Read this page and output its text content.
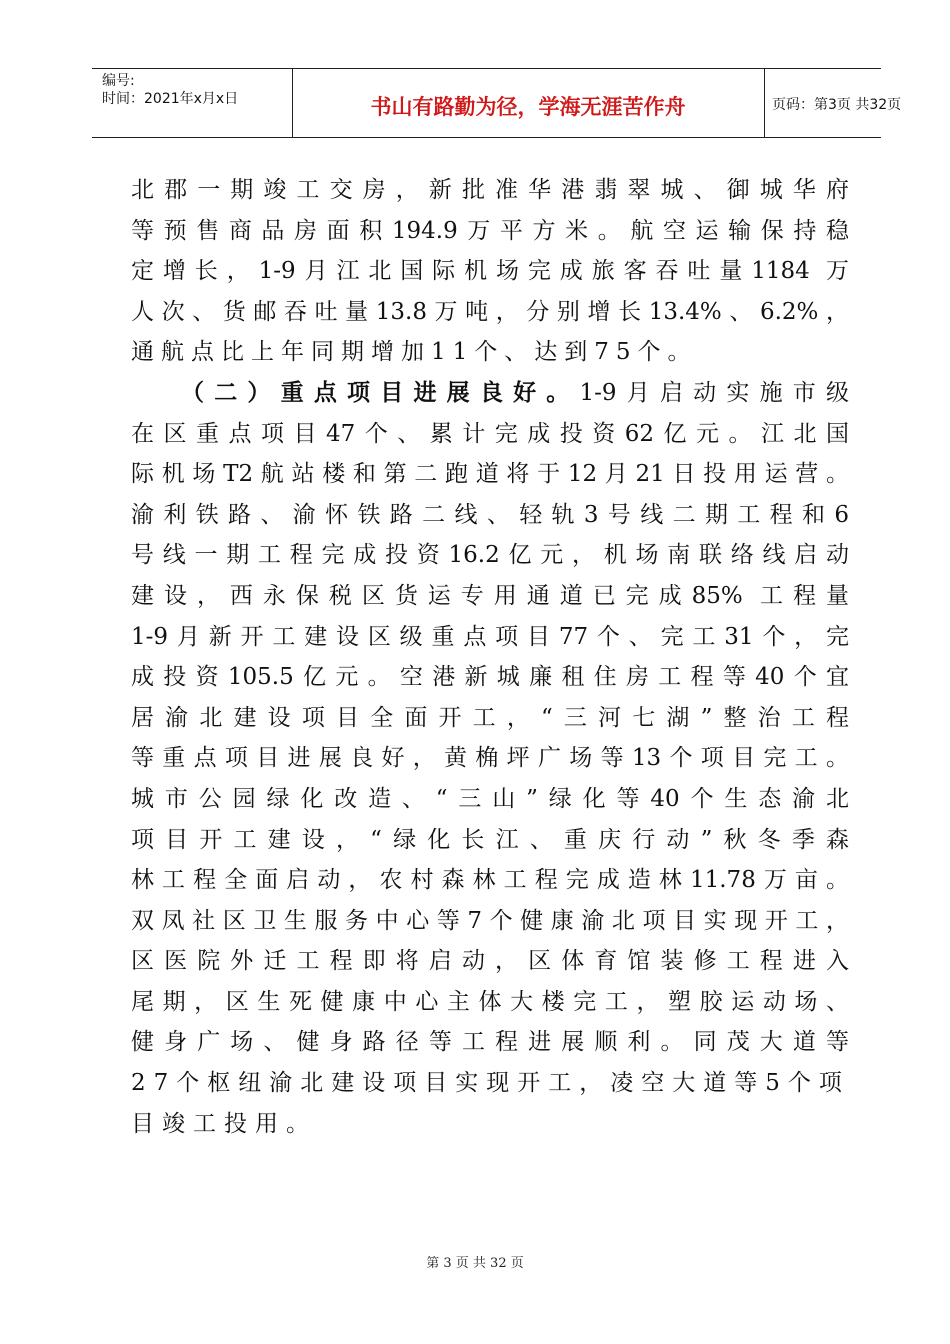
编号:
时间：2021年x月x日	书山有路勤为径，学海无涯苦作舟	页码：第3页 共32页
北郡一期竣工交房，新批准华港翡翠城、御城华府
等预售商品房面积194.9万平方米。航空运输保持稳
定增长，1-9月江北国际机场完成旅客吞吐量1184 万
人次、货邮吞吐量13.8万吨，分别增长13.4%、6.2%，
通航点比上年同期增加11个、达到75个。
（二）重点项目进展良好。1-9月启动实施市级
在区重点项目47个、累计完成投资62亿元。江北国
际机场T2航站楼和第二跑道将于12月21日投用运营。
渝利铁路、渝怀铁路二线、轻轨3号线二期工程和6
号线一期工程完成投资16.2亿元，机场南联络线启动
建设，西永保税区货运专用通道已完成85% 工程量
1-9月新开工建设区级重点项目77个、完工31个，完
成投资105.5亿元。空港新城廉租住房工程等40个宜
居渝北建设项目全面开工，“三河七湖”整治工程
等重点项目进展良好，黄桷坪广场等13个项目完工。
城市公园绿化改造、“三山”绿化等40个生态渝北
项目开工建设，“绿化长江、重庆行动”秋冬季森
林工程全面启动，农村森林工程完成造林11.78万亩。
双凤社区卫生服务中心等7个健康渝北项目实现开工，
区医院外迁工程即将启动，区体育馆装修工程进入
尾期，区生死健康中心主体大楼完工，塑胶运动场、
健身广场、健身路径等工程进展顺利。同茂大道等
27个枢纽渝北建设项目实现开工，凌空大道等5个项
目竣工投用。
第 3 页 共 32 页
